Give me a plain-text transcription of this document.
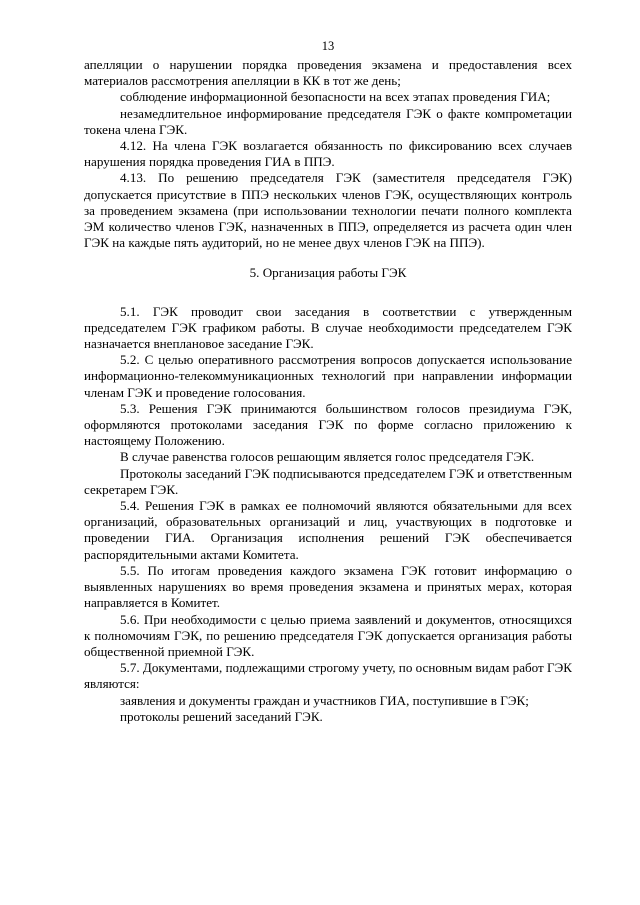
13

апелляции о нарушении порядка проведения экзамена и предоставления всех материалов рассмотрения апелляции в КК в тот же день;

соблюдение информационной безопасности на всех этапах проведения ГИА;

незамедлительное информирование председателя ГЭК о факте компрометации токена члена ГЭК.

4.12. На члена ГЭК возлагается обязанность по фиксированию всех случаев нарушения порядка проведения ГИА в ППЭ.

4.13. По решению председателя ГЭК (заместителя председателя ГЭК) допускается присутствие в ППЭ нескольких членов ГЭК, осуществляющих контроль за проведением экзамена (при использовании технологии печати полного комплекта ЭМ количество членов ГЭК, назначенных в ППЭ, определяется из расчета один член ГЭК на каждые пять аудиторий, но не менее двух членов ГЭК на ППЭ).

5. Организация работы ГЭК

5.1. ГЭК проводит свои заседания в соответствии с утвержденным председателем ГЭК графиком работы. В случае необходимости председателем ГЭК назначается внеплановое заседание ГЭК.

5.2. С целью оперативного рассмотрения вопросов допускается использование информационно-телекоммуникационных технологий при направлении информации членам ГЭК и проведение голосования.

5.3. Решения ГЭК принимаются большинством голосов президиума ГЭК, оформляются протоколами заседания ГЭК по форме согласно приложению к настоящему Положению.

В случае равенства голосов решающим является голос председателя ГЭК.

Протоколы заседаний ГЭК подписываются председателем ГЭК и ответственным секретарем ГЭК.

5.4. Решения ГЭК в рамках ее полномочий являются обязательными для всех организаций, образовательных организаций и лиц, участвующих в подготовке и проведении ГИА. Организация исполнения решений ГЭК обеспечивается распорядительными актами Комитета.

5.5. По итогам проведения каждого экзамена ГЭК готовит информацию о выявленных нарушениях во время проведения экзамена и принятых мерах, которая направляется в Комитет.

5.6. При необходимости с целью приема заявлений и документов, относящихся к полномочиям ГЭК, по решению председателя ГЭК допускается организация работы общественной приемной ГЭК.

5.7. Документами, подлежащими строгому учету, по основным видам работ ГЭК являются:

заявления и документы граждан и участников ГИА, поступившие в ГЭК;

протоколы решений заседаний ГЭК.
